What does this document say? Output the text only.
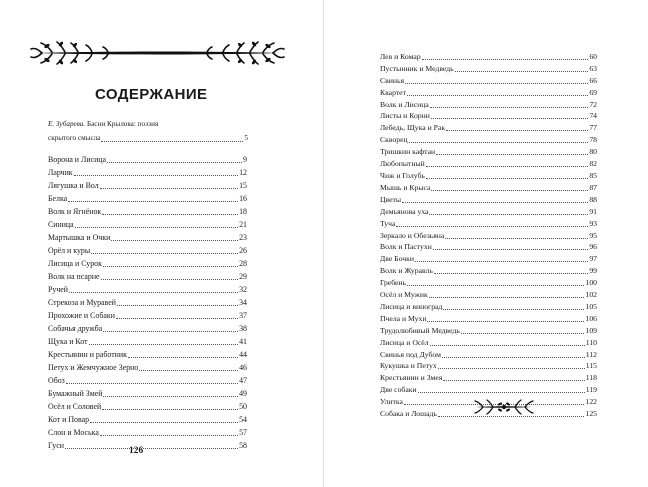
СОДЕРЖАНИЕ
Е. Зубарева. Басни Крылова: поэзия
скрытого смысла	5
Ворона и Лисица	9
Ларчик	12
Лягушка и Вол	15
Белка	16
Волк и Ягнёнок	18
Синица	21
Мартышка и Очки	23
Орёл и куры	26
Лисица и Сурок	28
Волк на псарне	29
Ручей	32
Стрекоза и Муравей	34
Прохожие и Собаки	37
Собачья дружба	38
Щука и Кот	41
Крестьянин и работник	44
Петух и Жемчужное Зерно	46
Обоз	47
Бумажный Змей	49
Осёл и Соловей	50
Кот и Повар	54
Слон и Моська	57
Гуси	58
126
Лев и Комар	60
Пустынник и Медведь	63
Свинья	66
Квартет	69
Волк и Лисица	72
Листы и Корни	74
Лебедь, Щука и Рак	77
Скворец	78
Тришкин кафтан	80
Любопытный	82
Чиж и Голубь	85
Мышь и Крыса	87
Цветы	88
Демьянова уха	91
Туча	93
Зеркало и Обезьяна	95
Волк и Пастухи	96
Две Бочки	97
Волк и Журавль	99
Гребень	100
Осёл и Мужик	102
Лисица и виноград	105
Пчела и Мухи	106
Трудолюбивый Медведь	109
Лисица и Осёл	110
Свинья под Дубом	112
Кукушка и Петух	115
Крестьянин и Змея	118
Две собаки	119
Улитка	122
Собака и Лошадь	125
